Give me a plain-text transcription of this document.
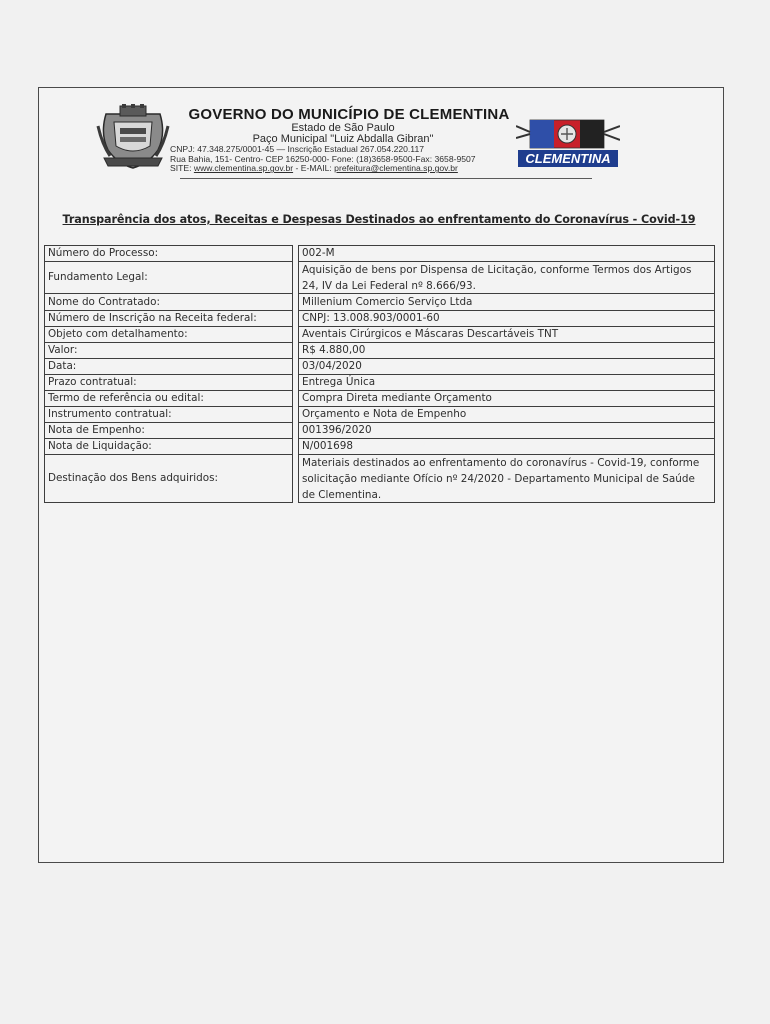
GOVERNO DO MUNICÍPIO DE CLEMENTINA
Estado de São Paulo
Paço Municipal "Luiz Abdalla Gibran"
CNPJ: 47.348.275/0001-45 — Inscrição Estadual 267.054.220.117
Rua Bahia, 151- Centro- CEP 16250-000- Fone: (18)3658-9500-Fax: 3658-9507
SITE: www.clementina.sp.gov.br - E-MAIL: prefeitura@clementina.sp.gov.br
CLEMENTINA
Transparência dos atos, Receitas e Despesas Destinados ao enfrentamento do Coronavírus - Covid-19
Número do Processo:
Fundamento Legal:
Nome do Contratado:
Número de Inscrição na Receita federal:
Objeto com detalhamento:
Valor:
Data:
Prazo contratual:
Termo de referência ou edital:
Instrumento contratual:
Nota de Empenho:
Nota de Liquidação:
Destinação dos Bens adquiridos:
002-M
Aquisição de bens por Dispensa de Licitação, conforme Termos dos Artigos 24, IV da Lei Federal nº 8.666/93.
Millenium Comercio Serviço Ltda
CNPJ: 13.008.903/0001-60
Aventais Cirúrgicos e Máscaras Descartáveis TNT
R$ 4.880,00
03/04/2020
Entrega Única
Compra Direta mediante Orçamento
Orçamento e Nota de Empenho
001396/2020
N/001698
Materiais destinados ao enfrentamento do coronavírus - Covid-19, conforme solicitação mediante Ofício nº 24/2020 - Departamento Municipal de Saúde de Clementina.
